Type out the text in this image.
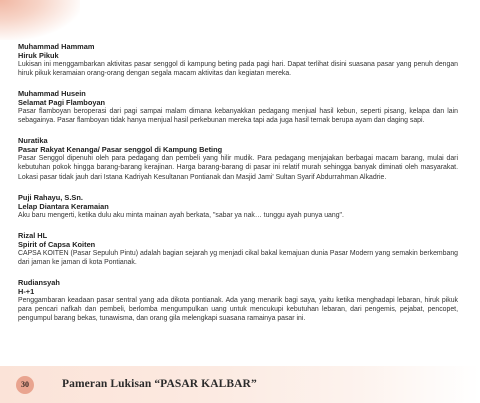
Muhammad Hammam
Hiruk Pikuk
Lukisan ini menggambarkan aktivitas pasar senggol di kampung beting pada pagi hari. Dapat terlihat disini suasana pasar yang penuh dengan hiruk pikuk keramaian orang-orang dengan segala macam aktivitas dan kegiatan mereka.
Muhammad Husein
Selamat Pagi Flamboyan
Pasar flamboyan beroperasi dari pagi sampai malam dimana kebanyakkan pedagang menjual hasil kebun, seperti pisang, kelapa dan lain sebagainya. Pasar flamboyan tidak hanya menjual hasil perkebunan mereka tapi ada juga hasil ternak berupa ayam dan daging sapi.
Nuratika
Pasar Rakyat Kenanga/ Pasar senggol di Kampung Beting
Pasar Senggol dipenuhi oleh para pedagang dan pembeli yang hilir mudik. Para pedagang menjajakan berbagai macam barang, mulai dari kebutuhan pokok hingga barang-barang kerajinan. Harga barang-barang di pasar ini relatif murah sehingga banyak diminati oleh masyarakat. Lokasi pasar tidak jauh dari Istana Kadriyah Kesultanan Pontianak dan Masjid Jami' Sultan Syarif Abdurrahman Alkadrie.
Puji Rahayu, S.Sn.
Lelap Diantara Keramaian
Aku baru mengerti, ketika dulu aku minta mainan ayah berkata, "sabar ya nak… tunggu ayah punya uang".
Rizal HL
Spirit of Capsa Koiten
CAPSA KOITEN (Pasar Sepuluh Pintu) adalah bagian sejarah yg menjadi cikal bakal kemajuan dunia Pasar Modern yang semakin berkembang dari jaman ke jaman di kota Pontianak.
Rudiansyah
H-+1
Penggambaran keadaan pasar sentral yang ada dikota pontianak. Ada yang menarik bagi saya, yaitu ketika menghadapi lebaran, hiruk pikuk para pencari nafkah dan pembeli, berlomba mengumpulkan uang untuk mencukupi kebutuhan lebaran, dari pengemis, pejabat, pencopet, pengumpul barang bekas, tunawisma, dan orang gila melengkapi suasana ramainya pasar ini.
30	Pameran Lukisan “PASAR KALBAR”
